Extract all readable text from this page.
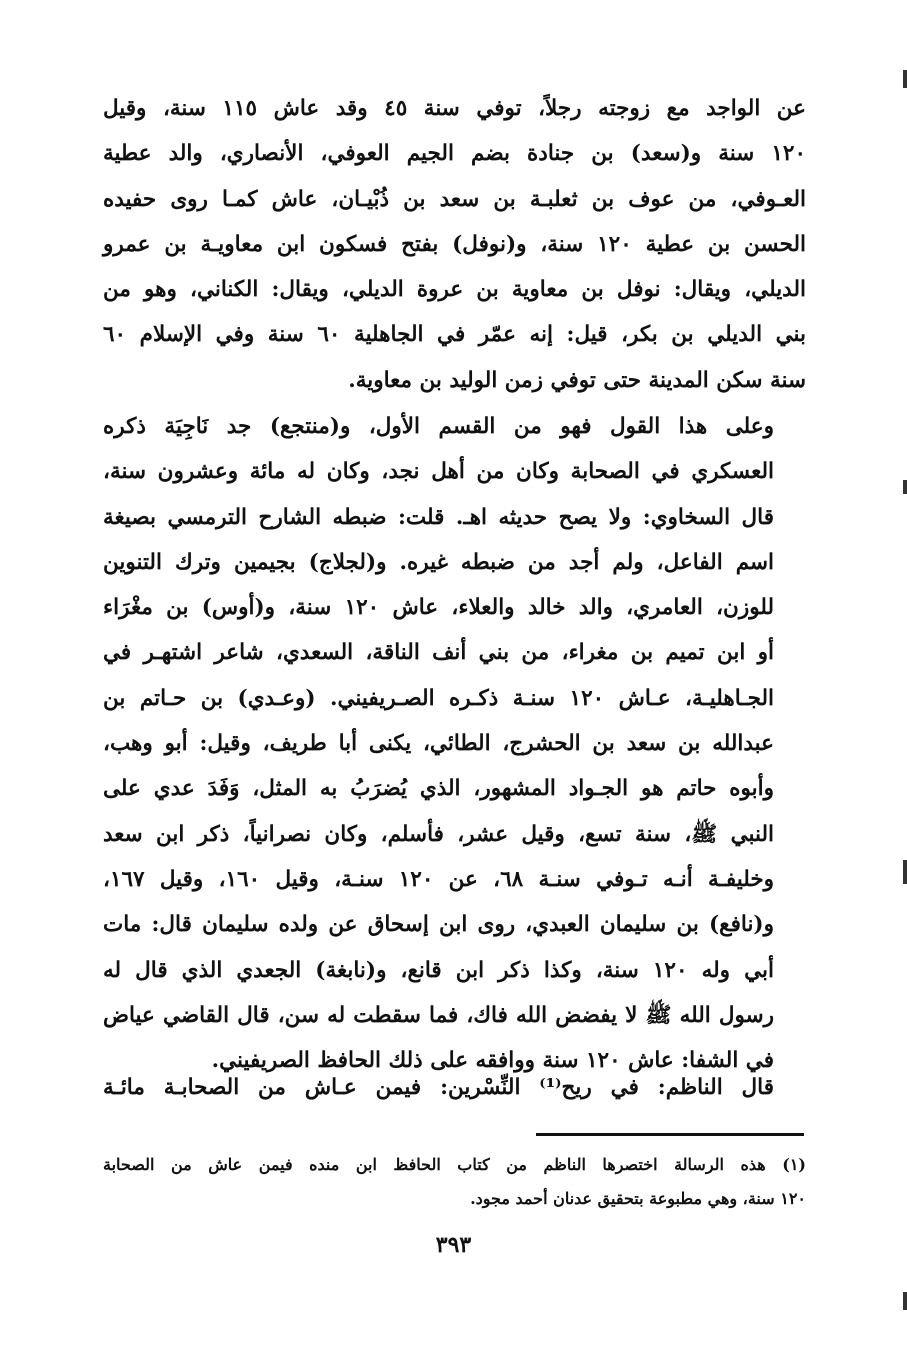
عن الواجد مع زوجته رجلاً، توفي سنة ٤٥ وقد عاش ١١٥ سنة، وقيل
١٢٠ سنة و(سعد) بن جنادة بضم الجيم العوفي، الأنصاري، والد عطية
العـوفي، من عوف بن ثعلبـة بن سعد بن ذُبْيـان، عاش كمـا روى حفيده
الحسن بن عطية ١٢٠ سنة، و(نوفل) بفتح فسكون ابن معاويـة بن عمرو
الديلي، ويقال: نوفل بن معاوية بن عروة الديلي، ويقال: الكناني، وهو من
بني الديلي بن بكر، قيل: إنه عمّر في الجاهلية ٦٠ سنة وفي الإسلام ٦٠
سنة سكن المدينة حتى توفي زمن الوليد بن معاوية.
وعلى هذا القول فهو من القسم الأول، و(منتجع) جد نَاجِيَة ذكره
العسكري في الصحابة وكان من أهل نجد، وكان له مائة وعشرون سنة،
قال السخاوي: ولا يصح حديثه اهـ. قلت: ضبطه الشارح الترمسي بصيغة
اسم الفاعل، ولم أجد من ضبطه غيره. و(لجلاج) بجيمين وترك التنوين
للوزن، العامري، والد خالد والعلاء، عاش ١٢٠ سنة، و(أوس) بن مغْرَاء
أو ابن تميم بن مغراء، من بني أنف الناقة، السعدي، شاعر اشتهـر في
الجـاهليـة، عـاش ١٢٠ سنـة ذكـره الصـريفيني. (وعـدي) بن حـاتم بن
عبدالله بن سعد بن الحشرج، الطائي، يكنى أبا طريف، وقيل: أبو وهب،
وأبوه حاتم هو الجـواد المشهور، الذي يُضرَبُ به المثل، وَفَدَ عدي على
النبي ﷺ، سنة تسع، وقيل عشر، فأسلم، وكان نصرانياً، ذكر ابن سعد
وخليفـة أنـه تـوفي سنـة ٦٨، عن ١٢٠ سنـة، وقيل ١٦٠، وقيل ١٦٧،
و(نافع) بن سليمان العبدي، روى ابن إسحاق عن ولده سليمان قال: مات
أبي وله ١٢٠ سنة، وكذا ذكر ابن قانع، و(نابغة) الجعدي الذي قال له
رسول الله ﷺ لا يفضض الله فاك، فما سقطت له سن، قال القاضي عياض
في الشفا: عاش ١٢٠ سنة ووافقه على ذلك الحافظ الصريفيني.
قال الناظم: في ريح⁽¹⁾ النِّسْرين: فيمن عـاش من الصحابـة مائـة
(١) هذه الرسالة اختصرها الناظم من كتاب الحافظ ابن منده فيمن عاش من الصحابة
١٢٠ سنة، وهي مطبوعة بتحقيق عدنان أحمد مجود.
٣٩٣
